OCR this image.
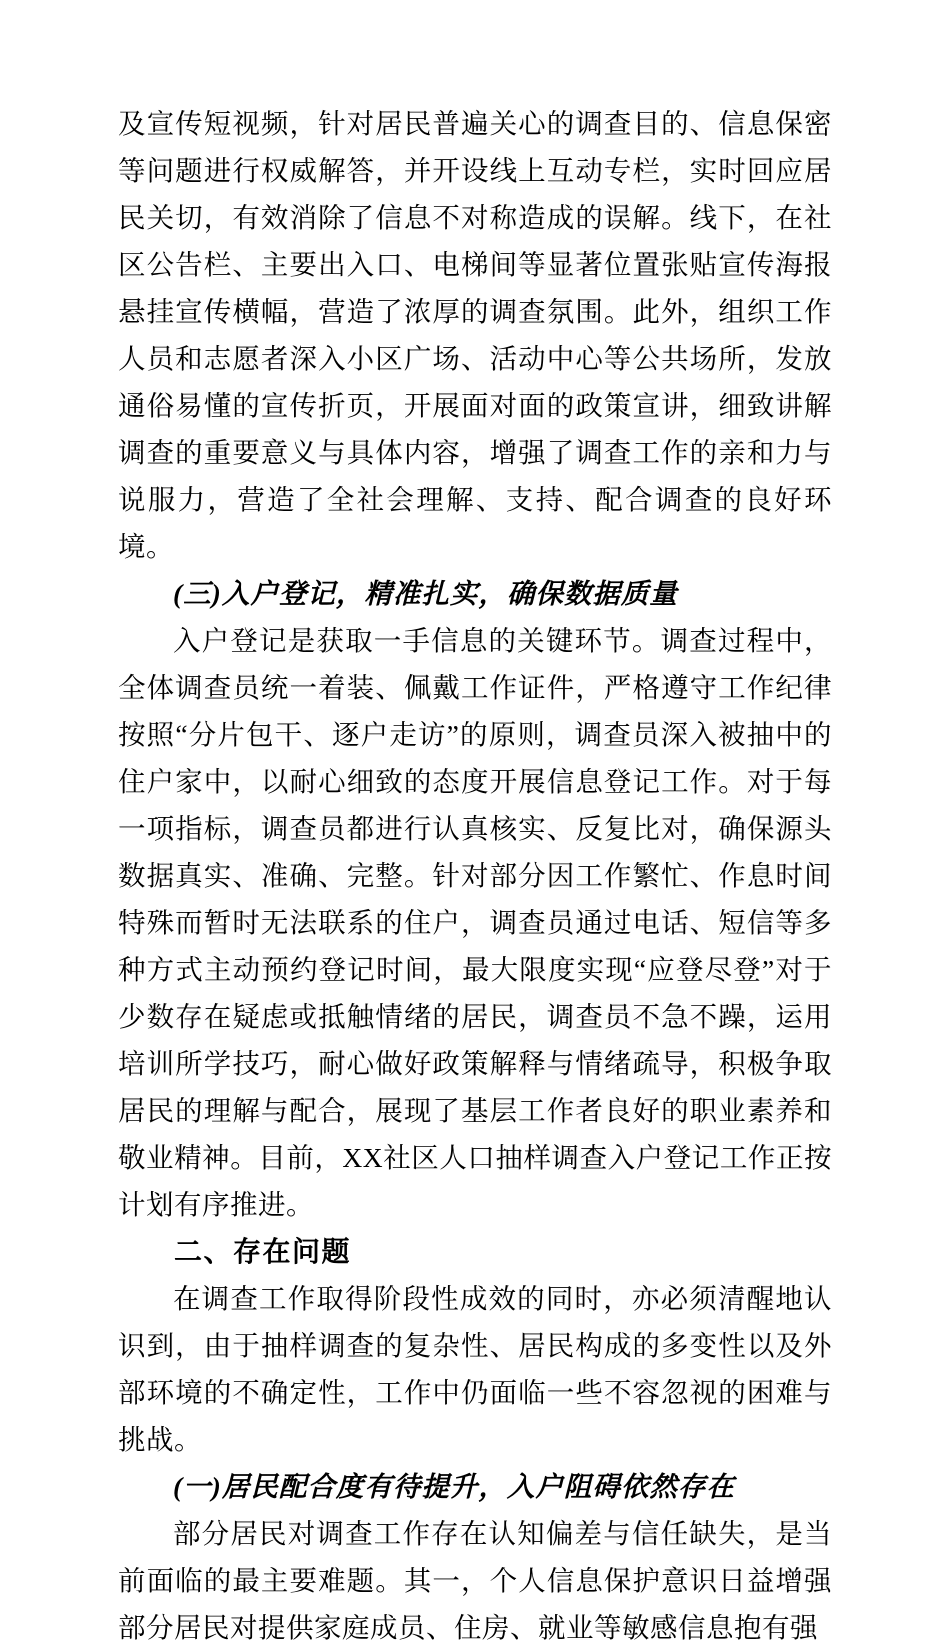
及宣传短视频，针对居民普遍关心的调查目的、信息保密等问题进行权威解答，并开设线上互动专栏，实时回应居民关切，有效消除了信息不对称造成的误解。线下，在社区公告栏、主要出入口、电梯间等显著位置张贴宣传海报悬挂宣传横幅，营造了浓厚的调查氛围。此外，组织工作人员和志愿者深入小区广场、活动中心等公共场所，发放通俗易懂的宣传折页，开展面对面的政策宣讲，细致讲解调查的重要意义与具体内容，增强了调查工作的亲和力与说服力，营造了全社会理解、支持、配合调查的良好环境。

(三)入户登记，精准扎实，确保数据质量

入户登记是获取一手信息的关键环节。调查过程中，全体调查员统一着装、佩戴工作证件，严格遵守工作纪律按照“分片包干、逐户走访”的原则，调查员深入被抽中的住户家中，以耐心细致的态度开展信息登记工作。对于每一项指标，调查员都进行认真核实、反复比对，确保源头数据真实、准确、完整。针对部分因工作繁忙、作息时间特殊而暂时无法联系的住户，调查员通过电话、短信等多种方式主动预约登记时间，最大限度实现“应登尽登”对于少数存在疑虑或抵触情绪的居民，调查员不急不躁，运用培训所学技巧，耐心做好政策解释与情绪疏导，积极争取居民的理解与配合，展现了基层工作者良好的职业素养和敬业精神。目前，XX社区人口抽样调查入户登记工作正按计划有序推进。

二、存在问题

在调查工作取得阶段性成效的同时，亦必须清醒地认识到，由于抽样调查的复杂性、居民构成的多变性以及外部环境的不确定性，工作中仍面临一些不容忽视的困难与挑战。

(一)居民配合度有待提升，入户阻碍依然存在

部分居民对调查工作存在认知偏差与信任缺失，是当前面临的最主要难题。其一，个人信息保护意识日益增强部分居民对提供家庭成员、住房、就业等敏感信息抱有强
